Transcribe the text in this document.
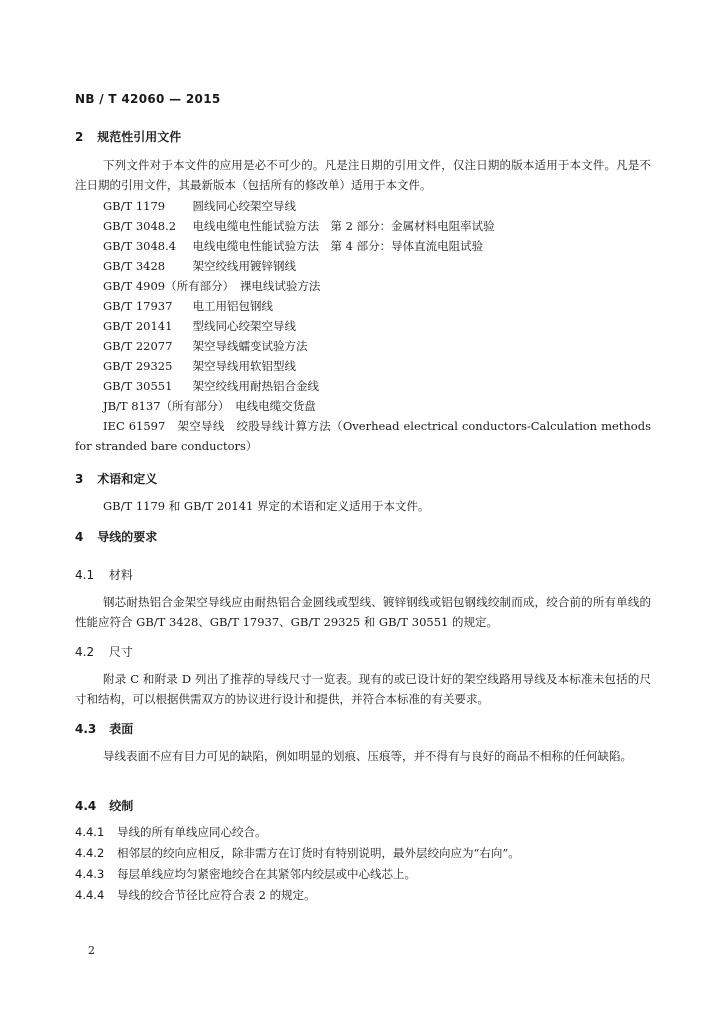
NB / T 42060 — 2015
2 规范性引用文件
下列文件对于本文件的应用是必不可少的。凡是注日期的引用文件，仅注日期的版本适用于本文件。凡是不注日期的引用文件，其最新版本（包括所有的修改单）适用于本文件。
GB/T 1179　 圆线同心绞架空导线
GB/T 3048.2　 电线电缆电性能试验方法　第 2 部分：金属材料电阻率试验
GB/T 3048.4　 电线电缆电性能试验方法　第 4 部分：导体直流电阻试验
GB/T 3428　 架空绞线用镀锌钢线
GB/T 4909（所有部分）　 裸电线试验方法
GB/T 17937　 电工用铝包钢线
GB/T 20141　 型线同心绞架空导线
GB/T 22077　 架空导线蠕变试验方法
GB/T 29325　 架空导线用软铝型线
GB/T 30551　 架空绞线用耐热铝合金线
JB/T 8137（所有部分）　 电线电缆交货盘
IEC 61597　架空导线　绞股导线计算方法（Overhead electrical conductors-Calculation methods for stranded bare conductors）
3 术语和定义
GB/T 1179 和 GB/T 20141 界定的术语和定义适用于本文件。
4 导线的要求
4.1 材料
钢芯耐热铝合金架空导线应由耐热铝合金圆线或型线、镀锌钢线或铝包钢线绞制而成，绞合前的所有单线的性能应符合 GB/T 3428、GB/T 17937、GB/T 29325 和 GB/T 30551 的规定。
4.2 尺寸
附录 C 和附录 D 列出了推荐的导线尺寸一览表。现有的或已设计好的架空线路用导线及本标准未包括的尺寸和结构，可以根据供需双方的协议进行设计和提供，并符合本标准的有关要求。
4.3 表面
导线表面不应有目力可见的缺陷，例如明显的划痕、压痕等，并不得有与良好的商品不相称的任何缺陷。
4.4 绞制
4.4.1 导线的所有单线应同心绞合。
4.4.2 相邻层的绞向应相反，除非需方在订货时有特别说明，最外层绞向应为“右向”。
4.4.3 每层单线应均匀紧密地绞合在其紧邻内绞层或中心线芯上。
4.4.4 导线的绞合节径比应符合表 2 的规定。
2
